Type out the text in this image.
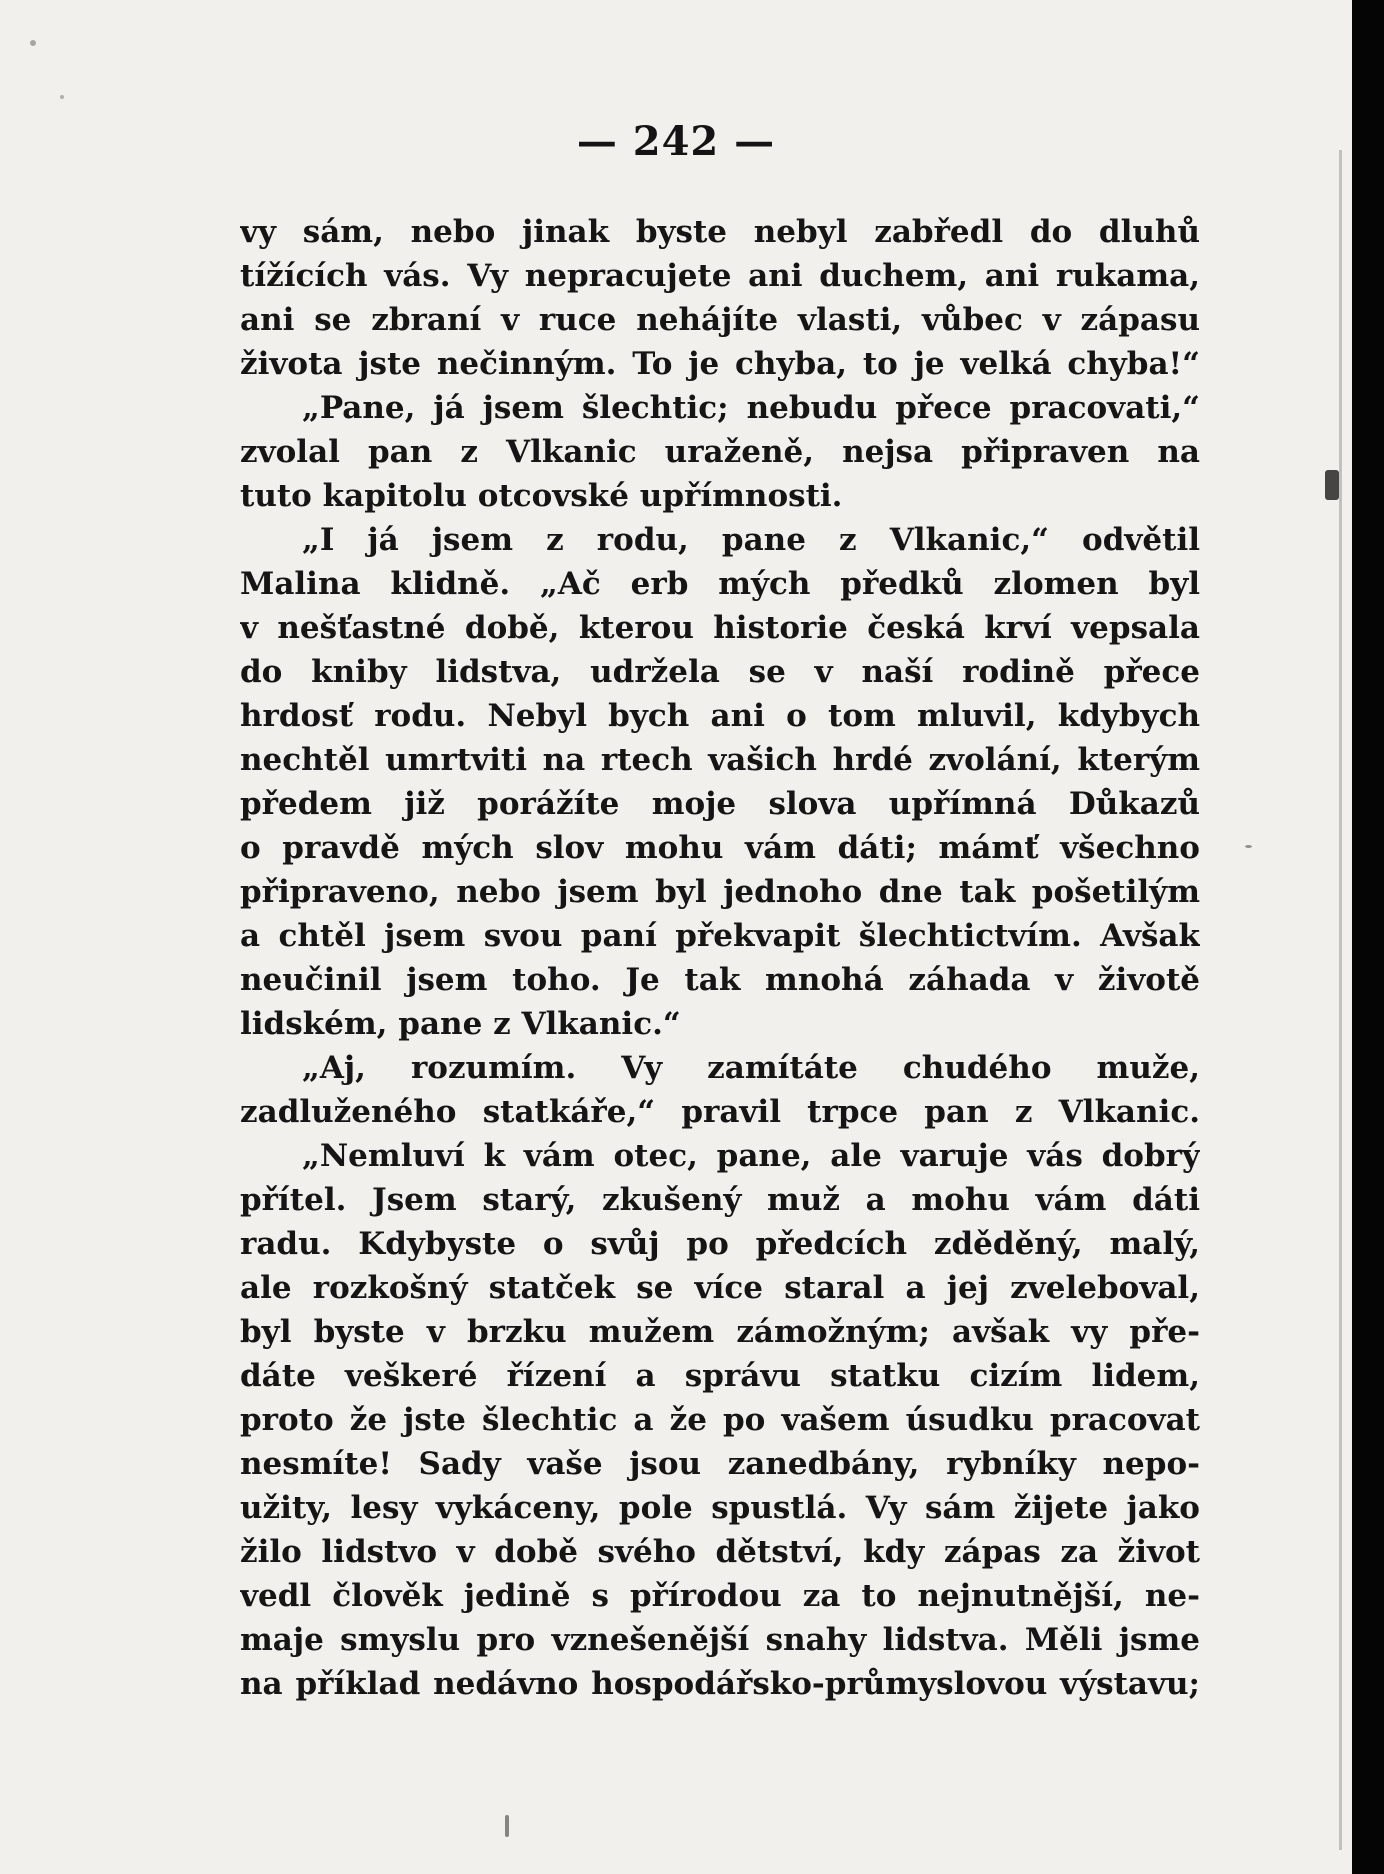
— 242 —
vy sám, nebo jinak byste nebyl zabředl do dluhů
tížících vás. Vy nepracujete ani duchem, ani rukama,
ani se zbraní v ruce nehájíte vlasti, vůbec v zápasu
života jste nečinným. To je chyba, to je velká chyba!“
„Pane, já jsem šlechtic; nebudu přece pracovati,“
zvolal pan z Vlkanic uraženě, nejsa připraven na
tuto kapitolu otcovské upřímnosti.
„I já jsem z rodu, pane z Vlkanic,“ odvětil
Malina klidně. „Ač erb mých předků zlomen byl
v nešťastné době, kterou historie česká krví vepsala
do kniby lidstva, udržela se v naší rodině přece
hrdosť rodu. Nebyl bych ani o tom mluvil, kdybych
nechtěl umrtviti na rtech vašich hrdé zvolání, kterým
předem již porážíte moje slova upřímná Důkazů
o pravdě mých slov mohu vám dáti; mámť všechno
připraveno, nebo jsem byl jednoho dne tak pošetilým
a chtěl jsem svou paní překvapit šlechtictvím. Avšak
neučinil jsem toho. Je tak mnohá záhada v životě
lidském, pane z Vlkanic.“
„Aj, rozumím. Vy zamítáte chudého muže,
zadluženého statkáře,“ pravil trpce pan z Vlkanic.
„Nemluví k vám otec, pane, ale varuje vás dobrý
přítel. Jsem starý, zkušený muž a mohu vám dáti
radu. Kdybyste o svůj po předcích zděděný, malý,
ale rozkošný statček se více staral a jej zveleboval,
byl byste v brzku mužem zámožným; avšak vy pře-
dáte veškeré řízení a správu statku cizím lidem,
proto že jste šlechtic a že po vašem úsudku pracovat
nesmíte! Sady vaše jsou zanedbány, rybníky nepo-
užity, lesy vykáceny, pole spustlá. Vy sám žijete jako
žilo lidstvo v době svého dětství, kdy zápas za život
vedl člověk jedině s přírodou za to nejnutnější, ne-
maje smyslu pro vznešenější snahy lidstva. Měli jsme
na příklad nedávno hospodářsko-průmyslovou výstavu;
